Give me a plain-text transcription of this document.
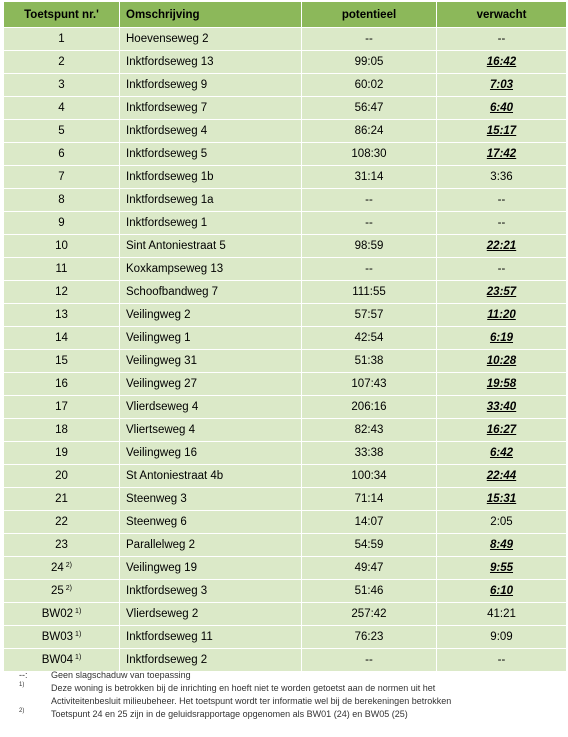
Toetspunt nr.'	Omschrijving	potentieel	verwacht
1	Hoevenseweg 2	--	--
2	Inktfordseweg 13	99:05	16:42
3	Inktfordseweg 9	60:02	7:03
4	Inktfordseweg 7	56:47	6:40
5	Inktfordseweg 4	86:24	15:17
6	Inktfordseweg 5	108:30	17:42
7	Inktfordseweg 1b	31:14	3:36
8	Inktfordseweg 1a	--	--
9	Inktfordseweg 1	--	--
10	Sint Antoniestraat 5	98:59	22:21
11	Koxkampseweg 13	--	--
12	Schoofbandweg 7	111:55	23:57
13	Veilingweg 2	57:57	11:20
14	Veilingweg 1	42:54	6:19
15	Veilingweg 31	51:38	10:28
16	Veilingweg 27	107:43	19:58
17	Vlierdseweg 4	206:16	33:40
18	Vliertseweg 4	82:43	16:27
19	Veilingweg 16	33:38	6:42
20	St Antoniestraat 4b	100:34	22:44
21	Steenweg 3	71:14	15:31
22	Steenweg 6	14:07	2:05
23	Parallelweg 2	54:59	8:49
24 $^{2)}$	Veilingweg 19	49:47	9:55
25 $^{2)}$	Inktfordseweg 3	51:46	6:10
BW02 $^{1)}$	Vlierdseweg 2	257:42	41:21
BW03 $^{1)}$	Inktfordseweg 11	76:23	9:09
BW04 $^{1)}$	Inktfordseweg 2	--	--
--:	Geen slagschaduw van toepassing
1)	Deze woning is betrokken bij de inrichting en hoeft niet te worden getoetst aan de normen uit het
Activiteitenbesluit milieubeheer. Het toetspunt wordt ter informatie wel bij de berekeningen betrokken
2)	Toetspunt 24 en 25 zijn in de geluidsrapportage opgenomen als BW01 (24) en BW05 (25)
